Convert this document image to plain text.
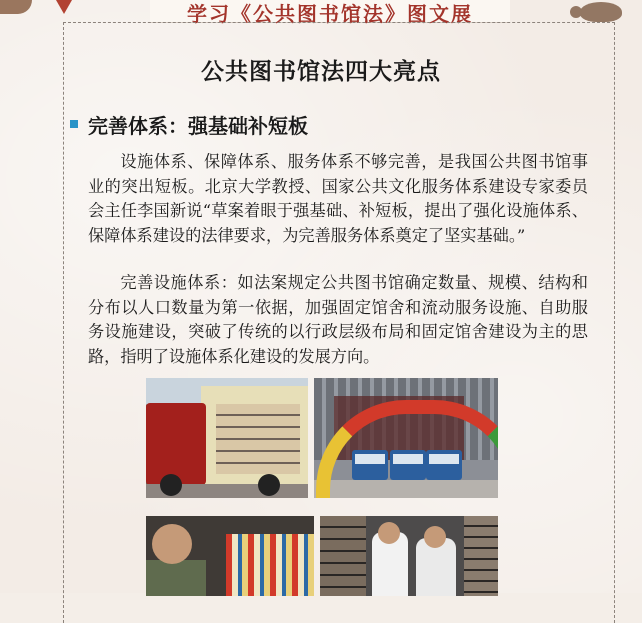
学习《公共图书馆法》图文展
公共图书馆法四大亮点
完善体系：强基础补短板
设施体系、保障体系、服务体系不够完善，是我国公共图书馆事业的突出短板。北京大学教授、国家公共文化服务体系建设专家委员会主任李国新说“草案着眼于强基础、补短板，提出了强化设施体系、保障体系建设的法律要求，为完善服务体系奠定了坚实基础。”
完善设施体系：如法案规定公共图书馆确定数量、规模、结构和分布以人口数量为第一依据，加强固定馆舍和流动服务设施、自助服务设施建设，突破了传统的以行政层级布局和固定馆舍建设为主的思路，指明了设施体系化建设的发展方向。
